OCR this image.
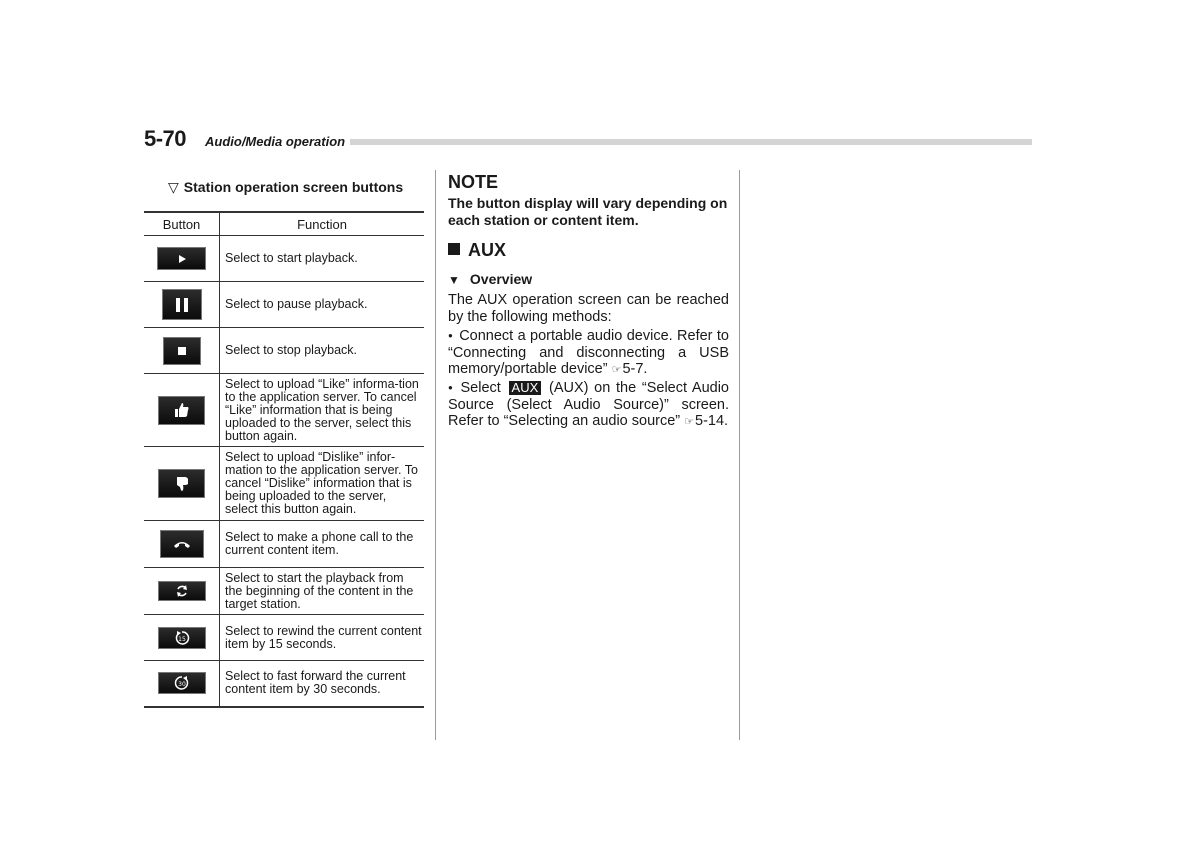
5-70 Audio/Media operation
▽ Station operation screen buttons
Button	Function

	Select to start playback.

	Select to pause playback.

	Select to stop playback.

	Select to upload “Like” informa-tion to the application server. To cancel “Like” information that is being uploaded to the server, select this button again.

	Select to upload “Dislike” infor-mation to the application server. To cancel “Dislike” information that is being uploaded to the server, select this button again.

	Select to make a phone call to the current content item.

	Select to start the playback from the beginning of the content in the target station.

15	Select to rewind the current content item by 15 seconds.

30	Select to fast forward the current content item by 30 seconds.
NOTE
The button display will vary depending on each station or content item.
AUX
▼ Overview
The AUX operation screen can be reached by the following methods:
● Connect a portable audio device. Refer to “Connecting and disconnecting a USB memory/portable device” ☞5-7.
● Select AUX (AUX) on the “Select Audio Source (Select Audio Source)” screen. Refer to “Selecting an audio source” ☞5-14.
